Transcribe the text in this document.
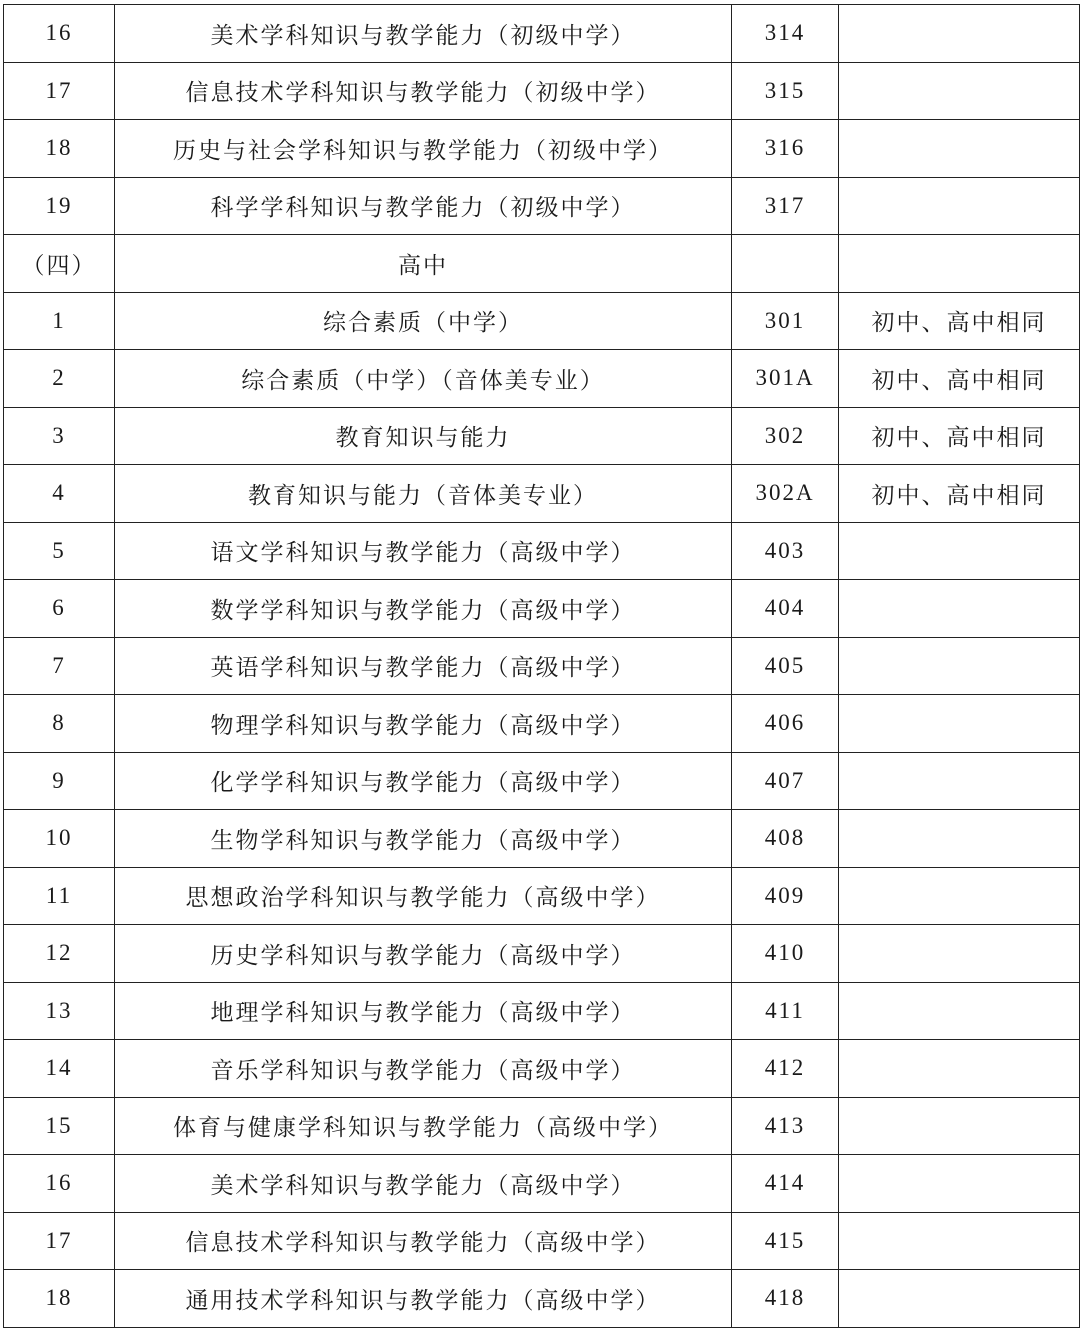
16	美术学科知识与教学能力（初级中学）	314	
17	信息技术学科知识与教学能力（初级中学）	315	
18	历史与社会学科知识与教学能力（初级中学）	316	
19	科学学科知识与教学能力（初级中学）	317	
（四）	高中		
1	综合素质（中学）	301	初中、高中相同
2	综合素质（中学）（音体美专业）	301A	初中、高中相同
3	教育知识与能力	302	初中、高中相同
4	教育知识与能力（音体美专业）	302A	初中、高中相同
5	语文学科知识与教学能力（高级中学）	403	
6	数学学科知识与教学能力（高级中学）	404	
7	英语学科知识与教学能力（高级中学）	405	
8	物理学科知识与教学能力（高级中学）	406	
9	化学学科知识与教学能力（高级中学）	407	
10	生物学科知识与教学能力（高级中学）	408	
11	思想政治学科知识与教学能力（高级中学）	409	
12	历史学科知识与教学能力（高级中学）	410	
13	地理学科知识与教学能力（高级中学）	411	
14	音乐学科知识与教学能力（高级中学）	412	
15	体育与健康学科知识与教学能力（高级中学）	413	
16	美术学科知识与教学能力（高级中学）	414	
17	信息技术学科知识与教学能力（高级中学）	415	
18	通用技术学科知识与教学能力（高级中学）	418	
